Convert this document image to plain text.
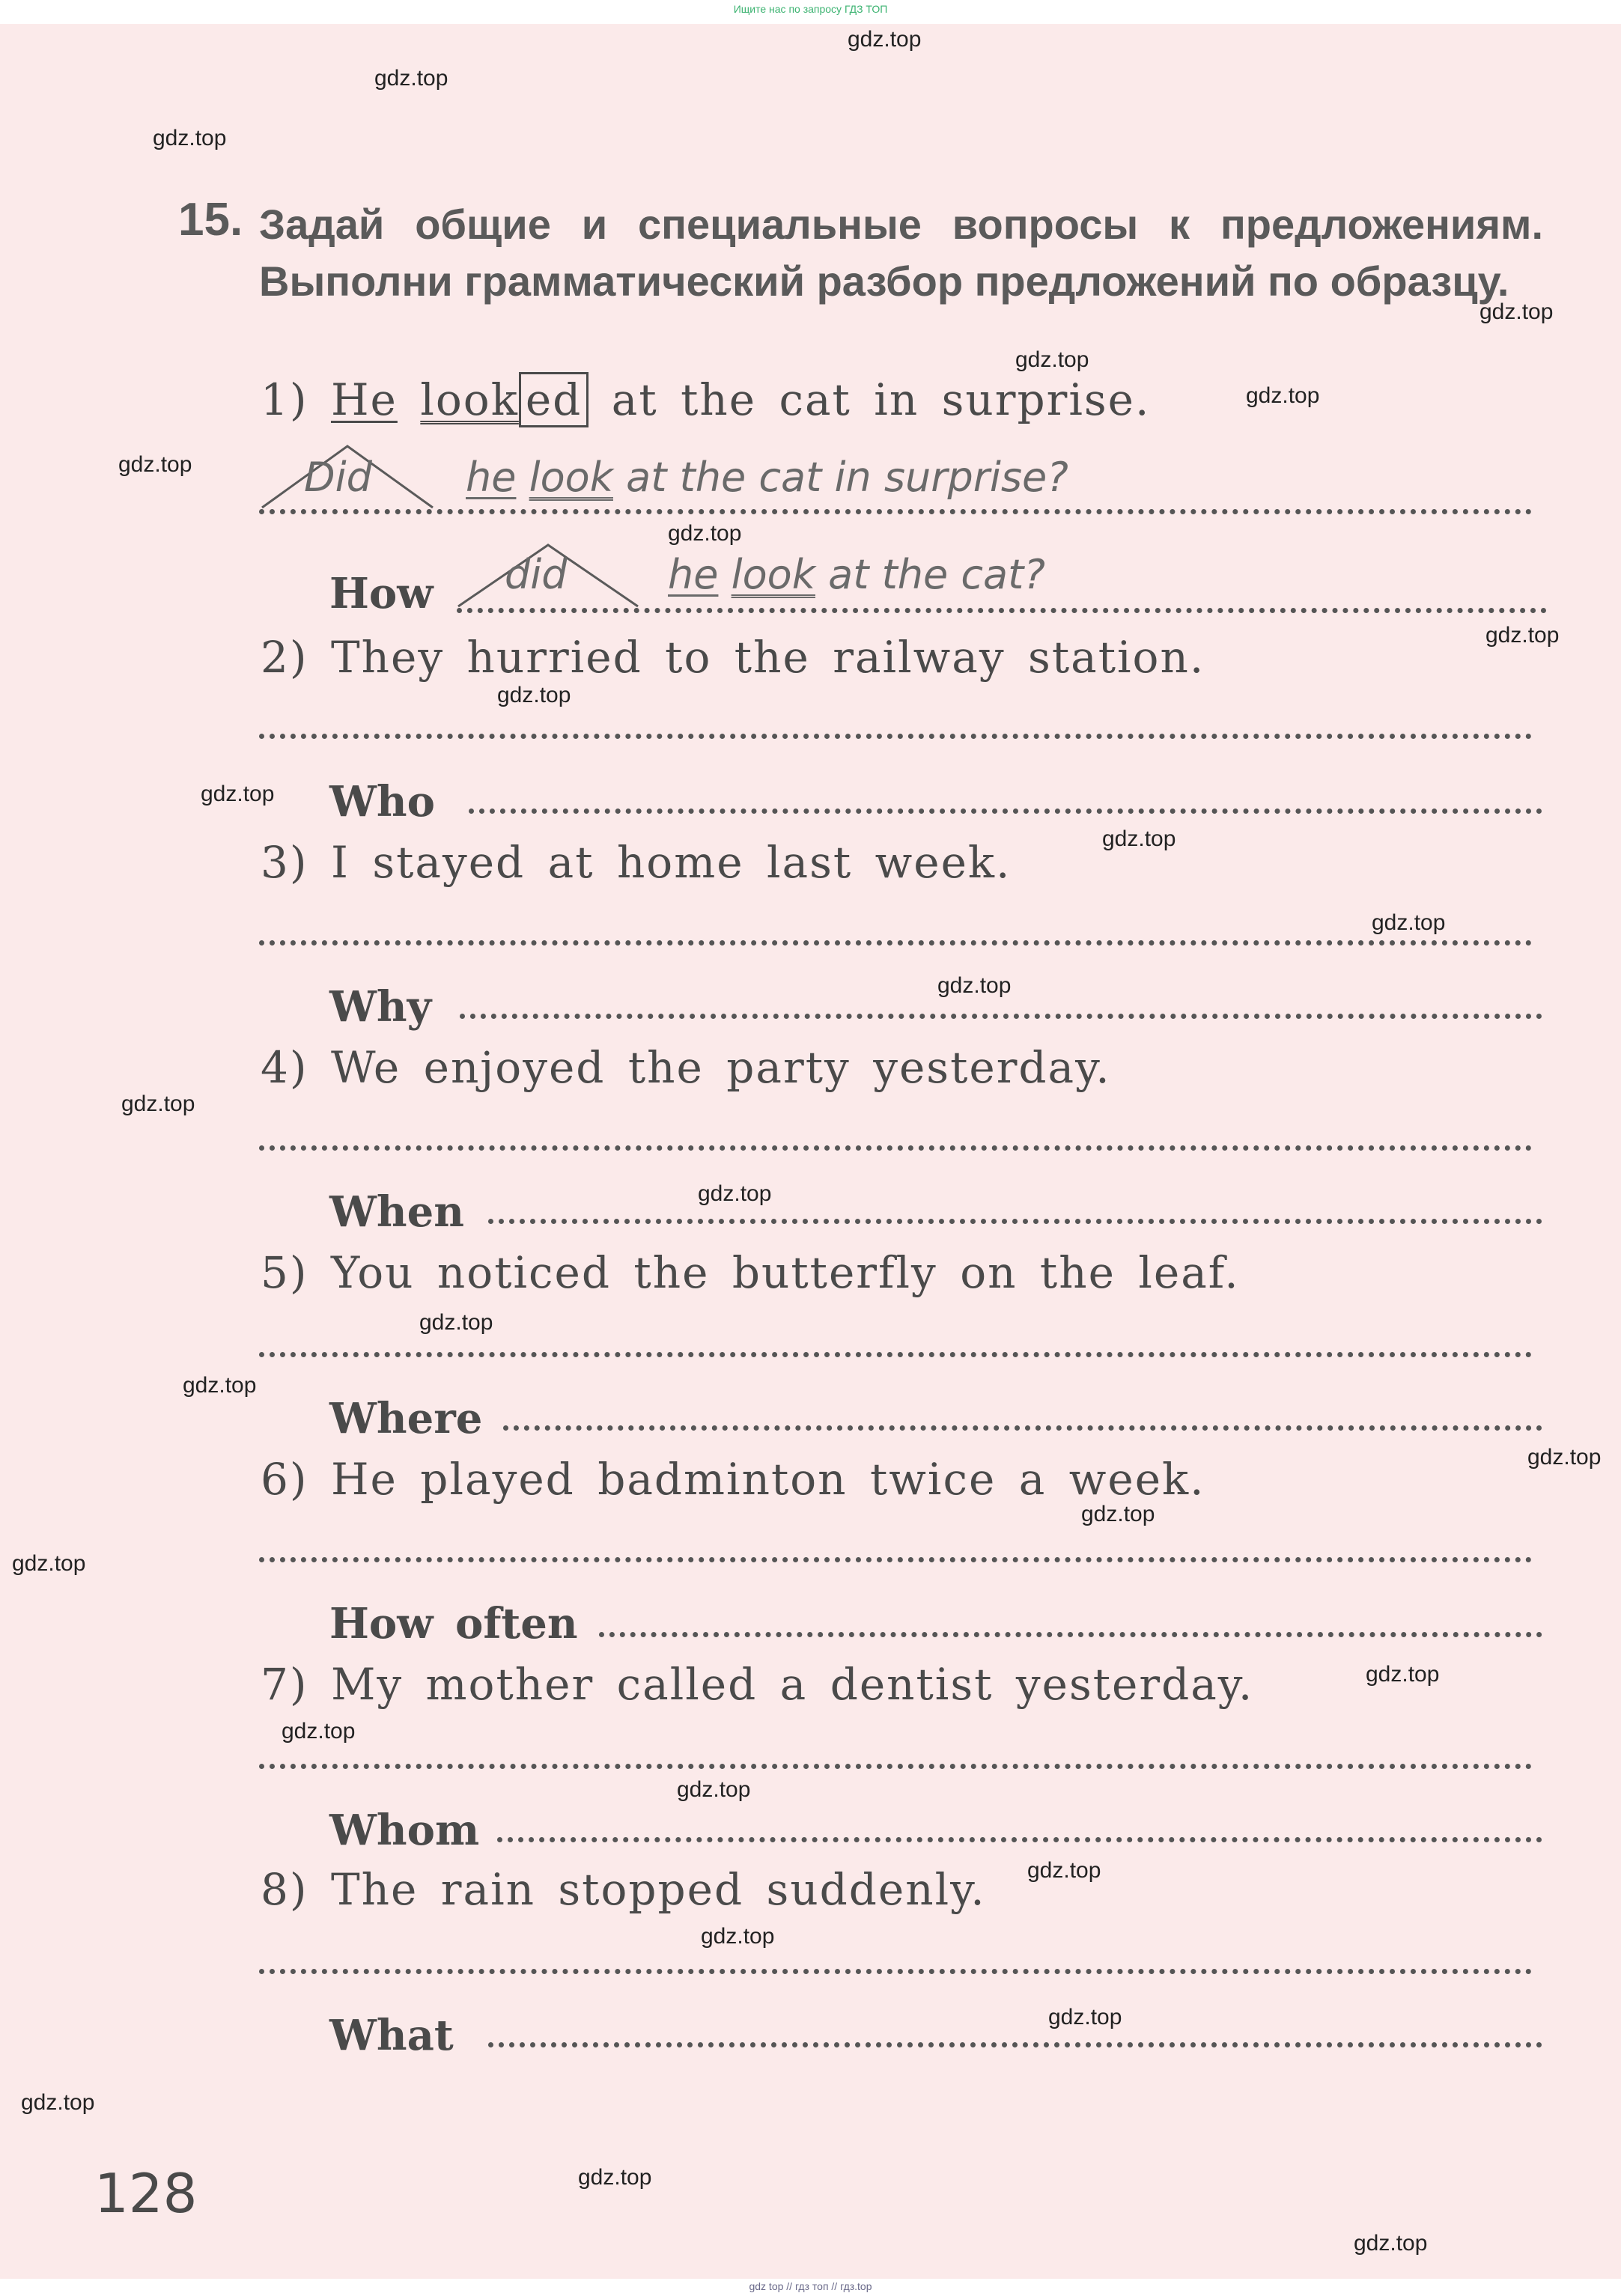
Ищите нас по запросу ГДЗ ТОП
15. Задай общие и специальные вопросы к предложениям. Выполни грамматический разбор предложений по образцу.
1) He look ed at the cat in surprise.
Did he look at the cat in surprise?
How did he look at the cat?
2) They hurried to the railway station.
Who
3) I stayed at home last week.
Why
4) We enjoyed the party yesterday.
When
5) You noticed the butterfly on the leaf.
Where
6) He played badminton twice a week.
How often
7) My mother called a dentist yesterday.
Whom
8) The rain stopped suddenly.
What
128
gdz.top
gdz.top
gdz.top
gdz.top
gdz.top
gdz.top
gdz.top
gdz.top
gdz.top
gdz.top
gdz.top
gdz.top
gdz.top
gdz.top
gdz.top
gdz.top
gdz.top
gdz.top
gdz.top
gdz.top
gdz.top
gdz.top
gdz.top
gdz.top
gdz.top
gdz.top
gdz.top
gdz.top
gdz.top
gdz.top
gdz top // гдз топ // гдз.top
